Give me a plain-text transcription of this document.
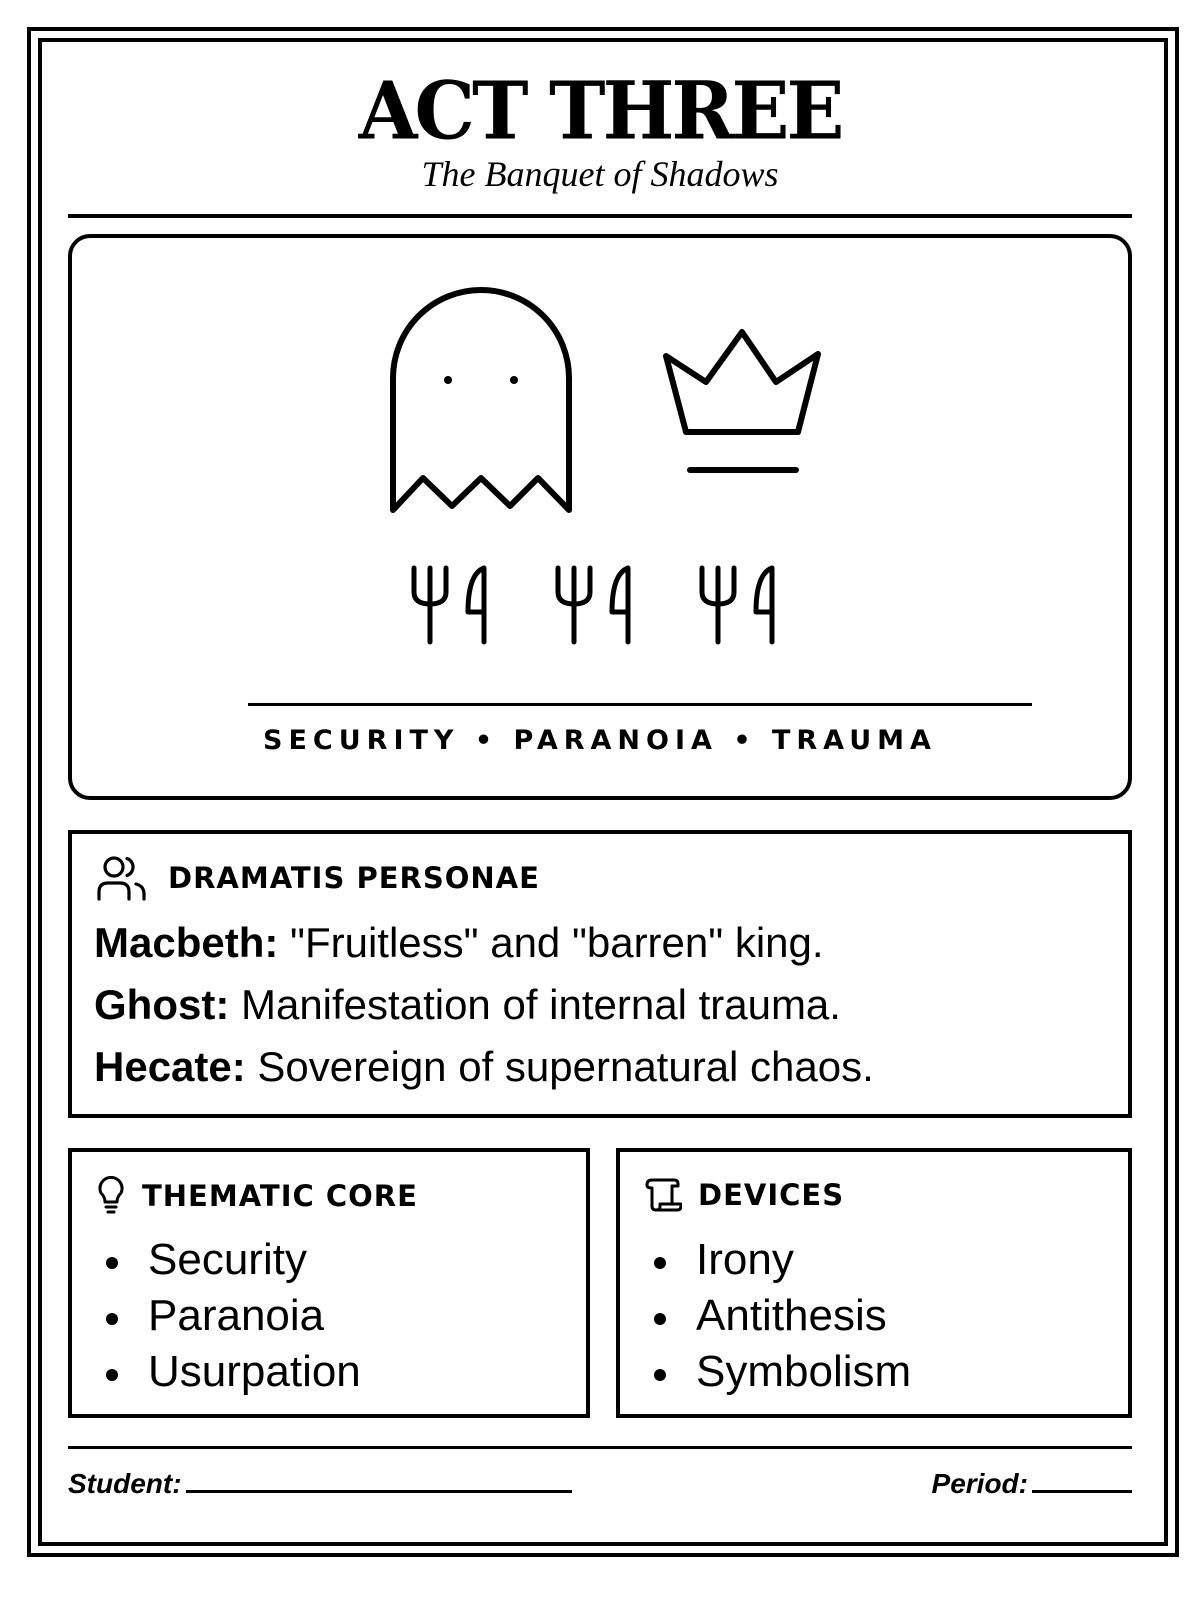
ACT THREE
The Banquet of Shadows
SECURITY • PARANOIA • TRAUMA
DRAMATIS PERSONAE
Macbeth: "Fruitless" and "barren" king.
Ghost: Manifestation of internal trauma.
Hecate: Sovereign of supernatural chaos.
THEMATIC CORE
Security
Paranoia
Usurpation
DEVICES
Irony
Antithesis
Symbolism
Student:	Period:
